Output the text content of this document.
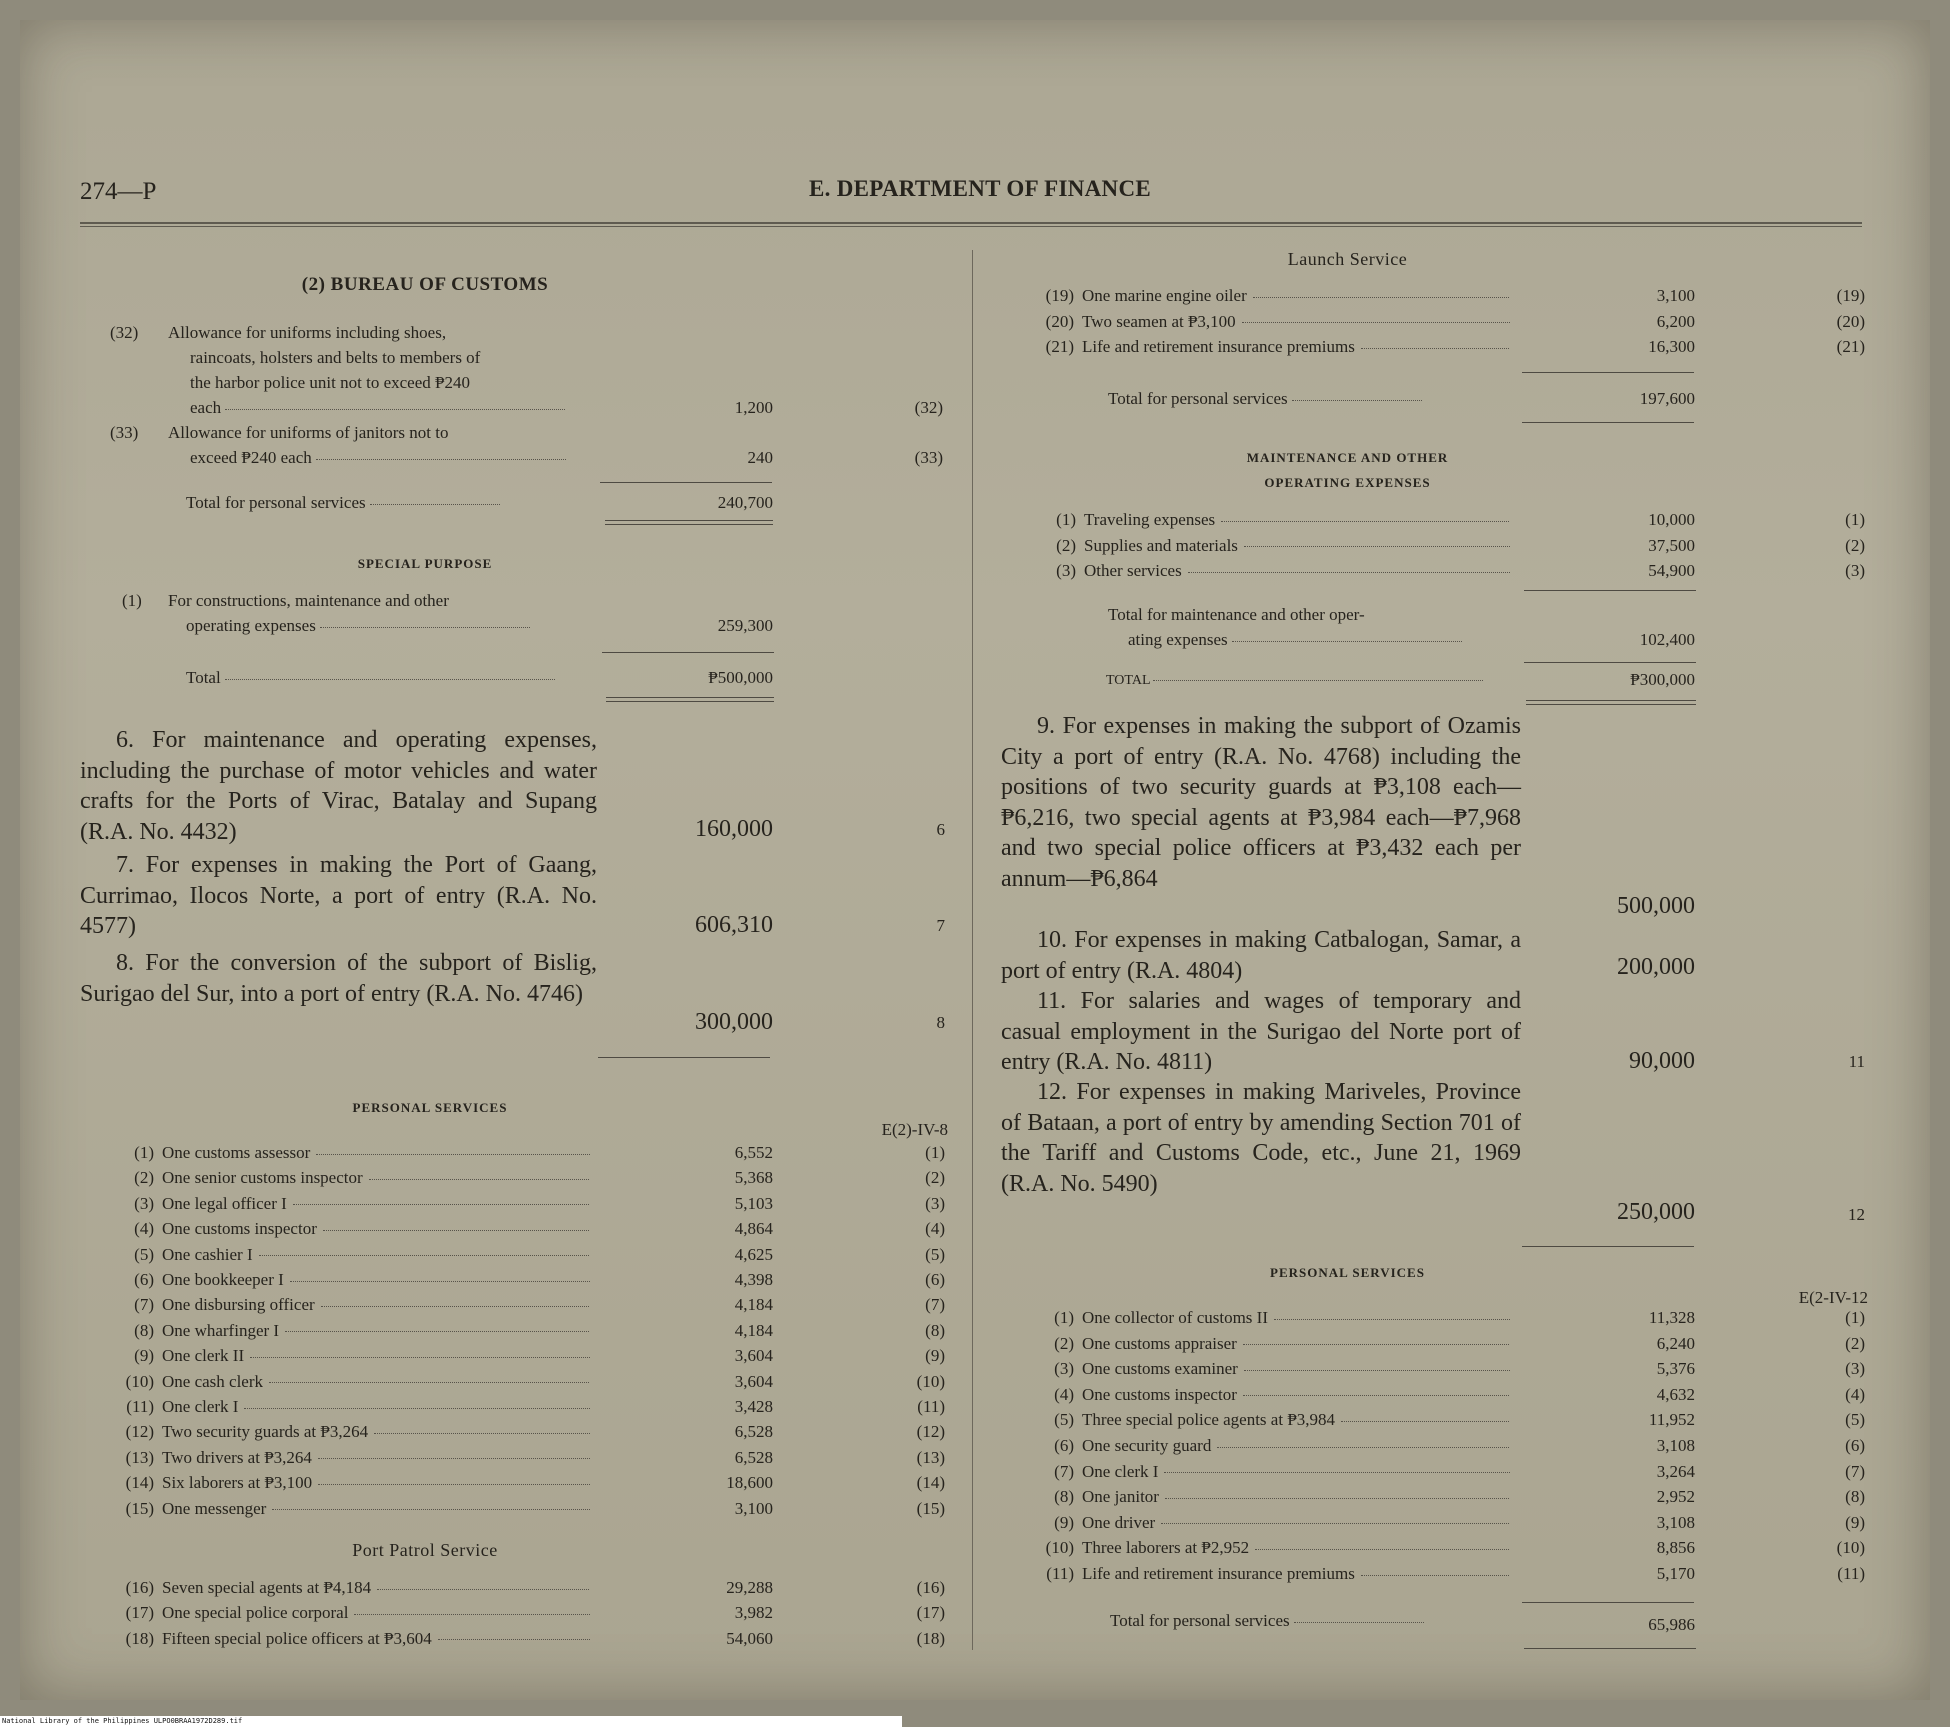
274—P	E. DEPARTMENT OF FINANCE
(2) BUREAU OF CUSTOMS
(32) Allowance for uniforms including shoes,
raincoats, holsters and belts to members of
the harbor police unit not to exceed ₱240
each	1,200	(32)
(33) Allowance for uniforms of janitors not to
exceed ₱240 each	240	(33)
Total for personal services	240,700
SPECIAL PURPOSE
(1) For constructions, maintenance and other
operating expenses	259,300
Total	₱500,000

6. For maintenance and operating expenses, including the purchase of motor vehicles and water crafts for the Ports of Virac, Batalay and Supang (R.A. No. 4432)	160,000	6

7. For expenses in making the Port of Gaang, Currimao, Ilocos Norte, a port of entry (R.A. No. 4577)	606,310	7

8. For the conversion of the subport of Bislig, Surigao del Sur, into a port of entry (R.A. No. 4746)

300,000	8
PERSONAL SERVICES
E(2)-IV-8
(1) One customs assessor	6,552	(1)
(2) One senior customs inspector	5,368	(2)
(3) One legal officer I	5,103	(3)
(4) One customs inspector	4,864	(4)
(5) One cashier I	4,625	(5)
(6) One bookkeeper I	4,398	(6)
(7) One disbursing officer	4,184	(7)
(8) One wharfinger I	4,184	(8)
(9) One clerk II	3,604	(9)
(10) One cash clerk	3,604	(10)
(11) One clerk I	3,428	(11)
(12) Two security guards at ₱3,264	6,528	(12)
(13) Two drivers at ₱3,264	6,528	(13)
(14) Six laborers at ₱3,100	18,600	(14)
(15) One messenger	3,100	(15)
Port Patrol Service
(16) Seven special agents at ₱4,184	29,288	(16)
(17) One special police corporal	3,982	(17)
(18) Fifteen special police officers at ₱3,604	54,060	(18)
Launch Service
(19) One marine engine oiler	3,100	(19)
(20) Two seamen at ₱3,100	6,200	(20)
(21) Life and retirement insurance premiums	16,300	(21)
Total for personal services	197,600
MAINTENANCE AND OTHER
OPERATING EXPENSES
(1) Traveling expenses	10,000	(1)
(2) Supplies and materials	37,500	(2)
(3) Other services	54,900	(3)
Total for maintenance and other oper-
ating expenses	102,400
TOTAL	₱300,000

9. For expenses in making the subport of Ozamis City a port of entry (R.A. No. 4768) including the positions of two security guards at ₱3,108 each—₱6,216, two special agents at ₱3,984 each—₱7,968 and two special police officers at ₱3,432 each per annum—₱6,864

500,000

10. For expenses in making Catbalogan, Samar, a port of entry (R.A. 4804)	200,000

11. For salaries and wages of temporary and casual employment in the Surigao del Norte port of entry (R.A. No. 4811)	90,000	11

12. For expenses in making Mariveles, Province of Bataan, a port of entry by amending Section 701 of the Tariff and Customs Code, etc., June 21, 1969 (R.A. No. 5490)

250,000	12
PERSONAL SERVICES
E(2-IV-12
(1) One collector of customs II	11,328	(1)
(2) One customs appraiser	6,240	(2)
(3) One customs examiner	5,376	(3)
(4) One customs inspector	4,632	(4)
(5) Three special police agents at ₱3,984	11,952	(5)
(6) One security guard	3,108	(6)
(7) One clerk I	3,264	(7)
(8) One janitor	2,952	(8)
(9) One driver	3,108	(9)
(10) Three laborers at ₱2,952	8,856	(10)
(11) Life and retirement insurance premiums	5,170	(11)
Total for personal services	65,986
National Library of the Philippines ULPO0BRAA1972D289.tif
